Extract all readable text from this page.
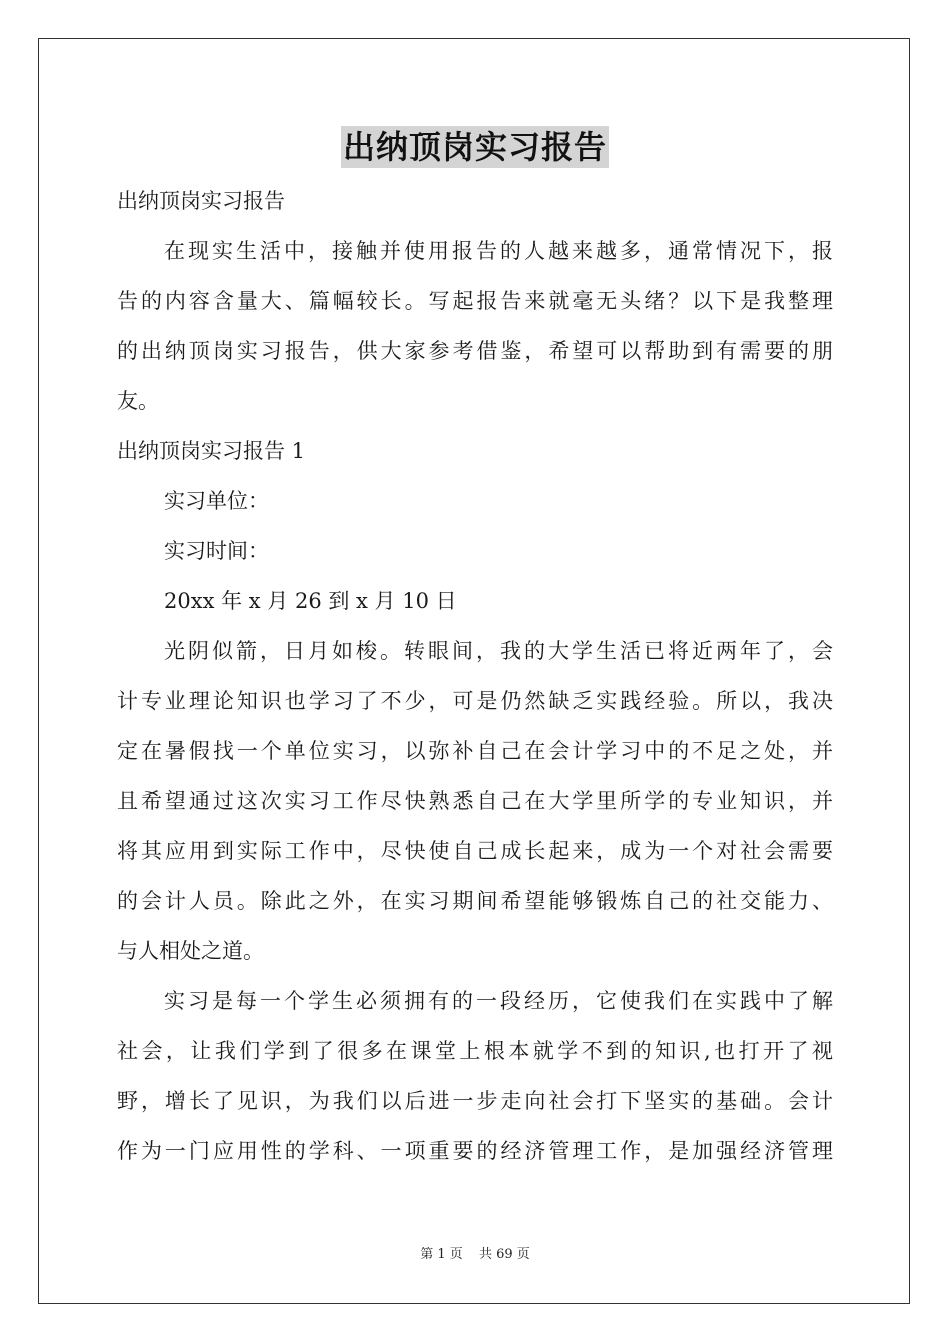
出纳顶岗实习报告
出纳顶岗实习报告
在现实生活中，接触并使用报告的人越来越多，通常情况下，报
告的内容含量大、篇幅较长。写起报告来就毫无头绪？以下是我整理
的出纳顶岗实习报告，供大家参考借鉴，希望可以帮助到有需要的朋
友。
出纳顶岗实习报告 1
实习单位：
实习时间：
20xx 年 x 月 26 到 x 月 10 日
光阴似箭，日月如梭。转眼间，我的大学生活已将近两年了，会
计专业理论知识也学习了不少，可是仍然缺乏实践经验。所以，我决
定在暑假找一个单位实习，以弥补自己在会计学习中的不足之处，并
且希望通过这次实习工作尽快熟悉自己在大学里所学的专业知识，并
将其应用到实际工作中，尽快使自己成长起来，成为一个对社会需要
的会计人员。除此之外，在实习期间希望能够锻炼自己的社交能力、
与人相处之道。
实习是每一个学生必须拥有的一段经历，它使我们在实践中了解
社会，让我们学到了很多在课堂上根本就学不到的知识,也打开了视
野，增长了见识，为我们以后进一步走向社会打下坚实的基础。会计
作为一门应用性的学科、一项重要的经济管理工作，是加强经济管理
第 1 页 共 69 页
